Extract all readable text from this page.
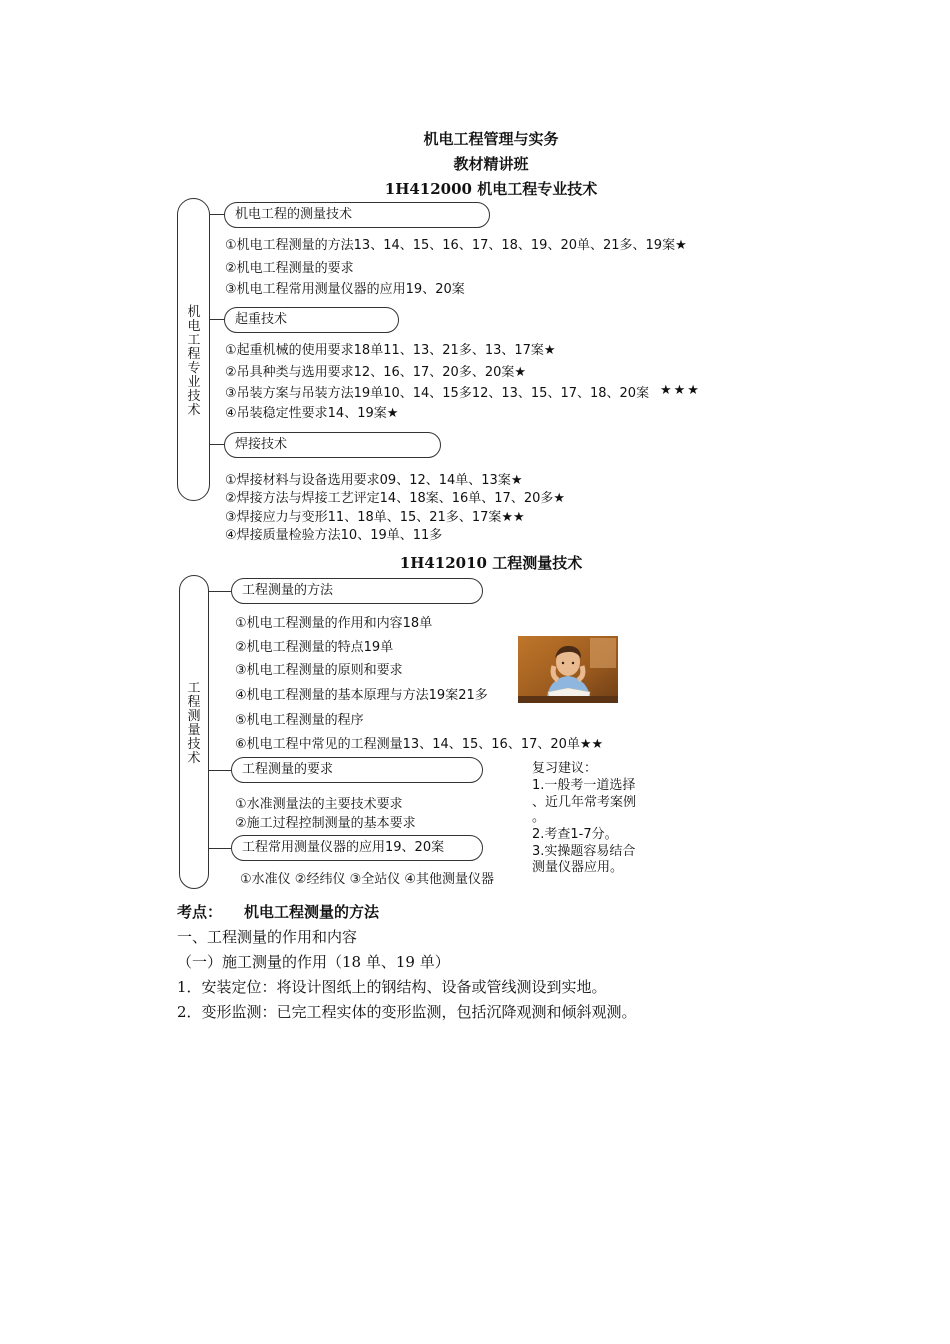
机电工程管理与实务
教材精讲班
1H412000 机电工程专业技术
机电工程专业技术
机电工程的测量技术
①机电工程测量的方法13、14、15、16、17、18、19、20单、21多、19案★
②机电工程测量的要求
③机电工程常用测量仪器的应用19、20案
起重技术
①起重机械的使用要求18单11、13、21多、13、17案★
②吊具种类与选用要求12、16、17、20多、20案★
③吊装方案与吊装方法19单10、14、15多12、13、15、17、18、20案 ★★★
④吊装稳定性要求14、19案★
焊接技术
①焊接材料与设备选用要求09、12、14单、13案★
②焊接方法与焊接工艺评定14、18案、16单、17、20多★
③焊接应力与变形11、18单、15、21多、17案★★
④焊接质量检验方法10、19单、11多
1H412010 工程测量技术
工程测量技术
工程测量的方法
①机电工程测量的作用和内容18单
②机电工程测量的特点19单
③机电工程测量的原则和要求
④机电工程测量的基本原理与方法19案21多
⑤机电工程测量的程序
⑥机电工程中常见的工程测量13、14、15、16、17、20单★★
工程测量的要求
①水准测量法的主要技术要求
②施工过程控制测量的基本要求
工程常用测量仪器的应用19、20案
①水准仪 ②经纬仪 ③全站仪 ④其他测量仪器
复习建议：
1.一般考一道选择
、近几年常考案例
。
2.考查1-7分。
3.实操题容易结合
测量仪器应用。
考点： 机电工程测量的方法
一、工程测量的作用和内容
（一）施工测量的作用（18 单、19 单）
1．安装定位：将设计图纸上的钢结构、设备或管线测设到实地。
2．变形监测：已完工程实体的变形监测，包括沉降观测和倾斜观测。
